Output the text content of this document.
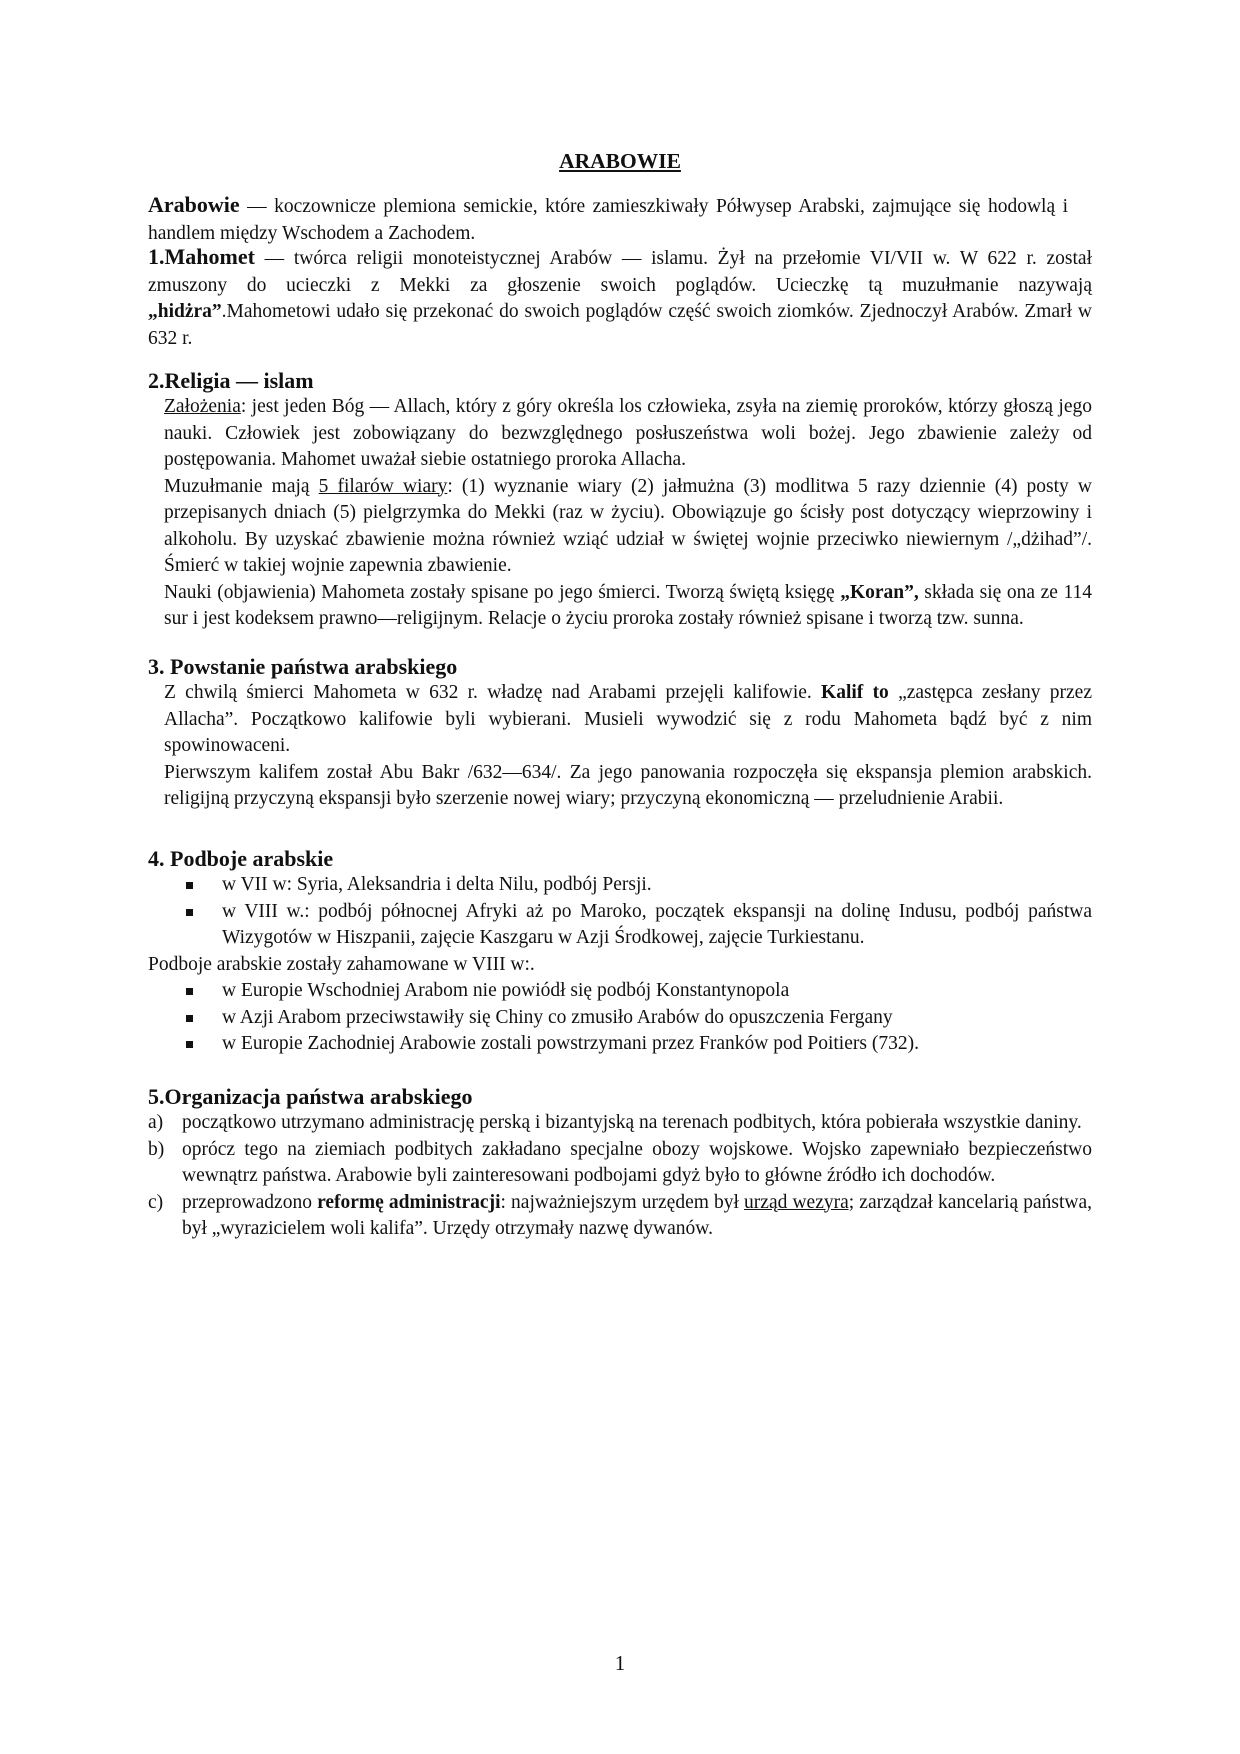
ARABOWIE

Arabowie — koczownicze plemiona semickie, które zamieszkiwały Półwysep Arabski, zajmujące się hodowlą i handlem między Wschodem a Zachodem.

1.Mahomet — twórca religii monoteistycznej Arabów — islamu. Żył na przełomie VI/VII w. W 622 r. został zmuszony do ucieczki z Mekki za głoszenie swoich poglądów. Ucieczkę tą muzułmanie nazywają „hidżra”.Mahometowi udało się przekonać do swoich poglądów część swoich ziomków. Zjednoczył Arabów. Zmarł w 632 r.

2.Religia — islam

Założenia: jest jeden Bóg — Allach, który z góry określa los człowieka, zsyła na ziemię proroków, którzy głoszą jego nauki. Człowiek jest zobowiązany do bezwzględnego posłuszeństwa woli bożej. Jego zbawienie zależy od postępowania. Mahomet uważał siebie ostatniego proroka Allacha.

Muzułmanie mają 5 filarów wiary: (1) wyznanie wiary (2) jałmużna (3) modlitwa 5 razy dziennie (4) posty w przepisanych dniach (5) pielgrzymka do Mekki (raz w życiu). Obowiązuje go ścisły post dotyczący wieprzowiny i alkoholu. By uzyskać zbawienie można również wziąć udział w świętej wojnie przeciwko niewiernym /„dżihad”/. Śmierć w takiej wojnie zapewnia zbawienie.

Nauki (objawienia) Mahometa zostały spisane po jego śmierci. Tworzą świętą księgę „Koran”, składa się ona ze 114 sur i jest kodeksem prawno—religijnym. Relacje o życiu proroka zostały również spisane i tworzą tzw. sunna.

3. Powstanie państwa arabskiego

Z chwilą śmierci Mahometa w 632 r. władzę nad Arabami przejęli kalifowie. Kalif to „zastępca zesłany przez Allacha”. Początkowo kalifowie byli wybierani. Musieli wywodzić się z rodu Mahometa bądź być z nim spowinowaceni.

Pierwszym kalifem został Abu Bakr /632—634/. Za jego panowania rozpoczęła się ekspansja plemion arabskich. religijną przyczyną ekspansji było szerzenie nowej wiary; przyczyną ekonomiczną — przeludnienie Arabii.

4. Podboje arabskie
w VII w: Syria, Aleksandria i delta Nilu, podbój Persji.
w VIII w.: podbój północnej Afryki aż po Maroko, początek ekspansji na dolinę Indusu, podbój państwa Wizygotów w Hiszpanii, zajęcie Kaszgaru w Azji Środkowej, zajęcie Turkiestanu.

Podboje arabskie zostały zahamowane w VIII w:.

w Europie Wschodniej Arabom nie powiódł się podbój Konstantynopola
w Azji Arabom przeciwstawiły się Chiny co zmusiło Arabów do opuszczenia Fergany
w Europie Zachodniej Arabowie zostali powstrzymani przez Franków pod Poitiers (732).
5.Organizacja państwa arabskiego
a) początkowo utrzymano administrację perską i bizantyjską na terenach podbitych, która pobierała wszystkie daniny.
b) oprócz tego na ziemiach podbitych zakładano specjalne obozy wojskowe. Wojsko zapewniało bezpieczeństwo wewnątrz państwa. Arabowie byli zainteresowani podbojami gdyż było to główne źródło ich dochodów.
c) przeprowadzono reformę administracji: najważniejszym urzędem był urząd wezyra; zarządzał kancelarią państwa, był „wyrazicielem woli kalifa”. Urzędy otrzymały nazwę dywanów.
1
